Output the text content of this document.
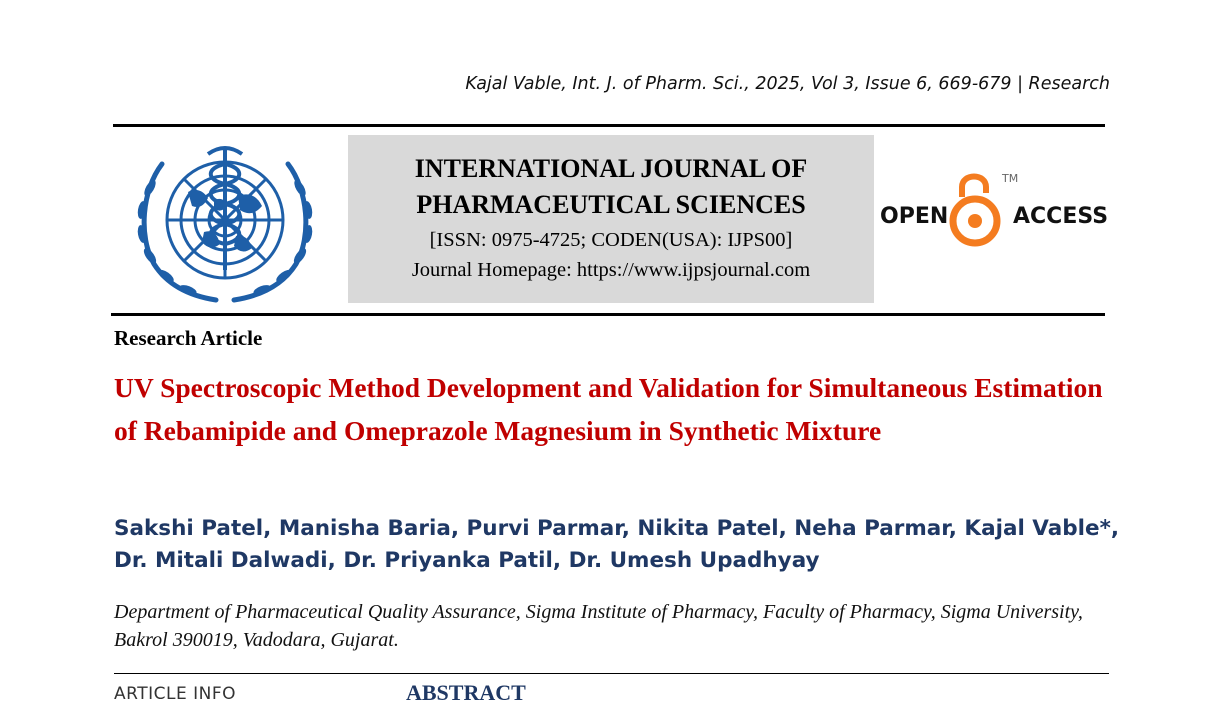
Kajal Vable, Int. J. of Pharm. Sci., 2025, Vol 3, Issue 6, 669-679 | Research
INTERNATIONAL JOURNAL OF
PHARMACEUTICAL SCIENCES
[ISSN: 0975-4725; CODEN(USA): IJPS00]
Journal Homepage: https://www.ijpsjournal.com
OPEN	ACCESS
TM
Research Article
UV Spectroscopic Method Development and Validation for Simultaneous Estimation of Rebamipide and Omeprazole Magnesium in Synthetic Mixture
Sakshi Patel, Manisha Baria, Purvi Parmar, Nikita Patel, Neha Parmar, Kajal Vable*, Dr. Mitali Dalwadi, Dr. Priyanka Patil, Dr. Umesh Upadhyay
Department of Pharmaceutical Quality Assurance, Sigma Institute of Pharmacy, Faculty of Pharmacy, Sigma University, Bakrol 390019, Vadodara, Gujarat.
ARTICLE INFO	ABSTRACT
